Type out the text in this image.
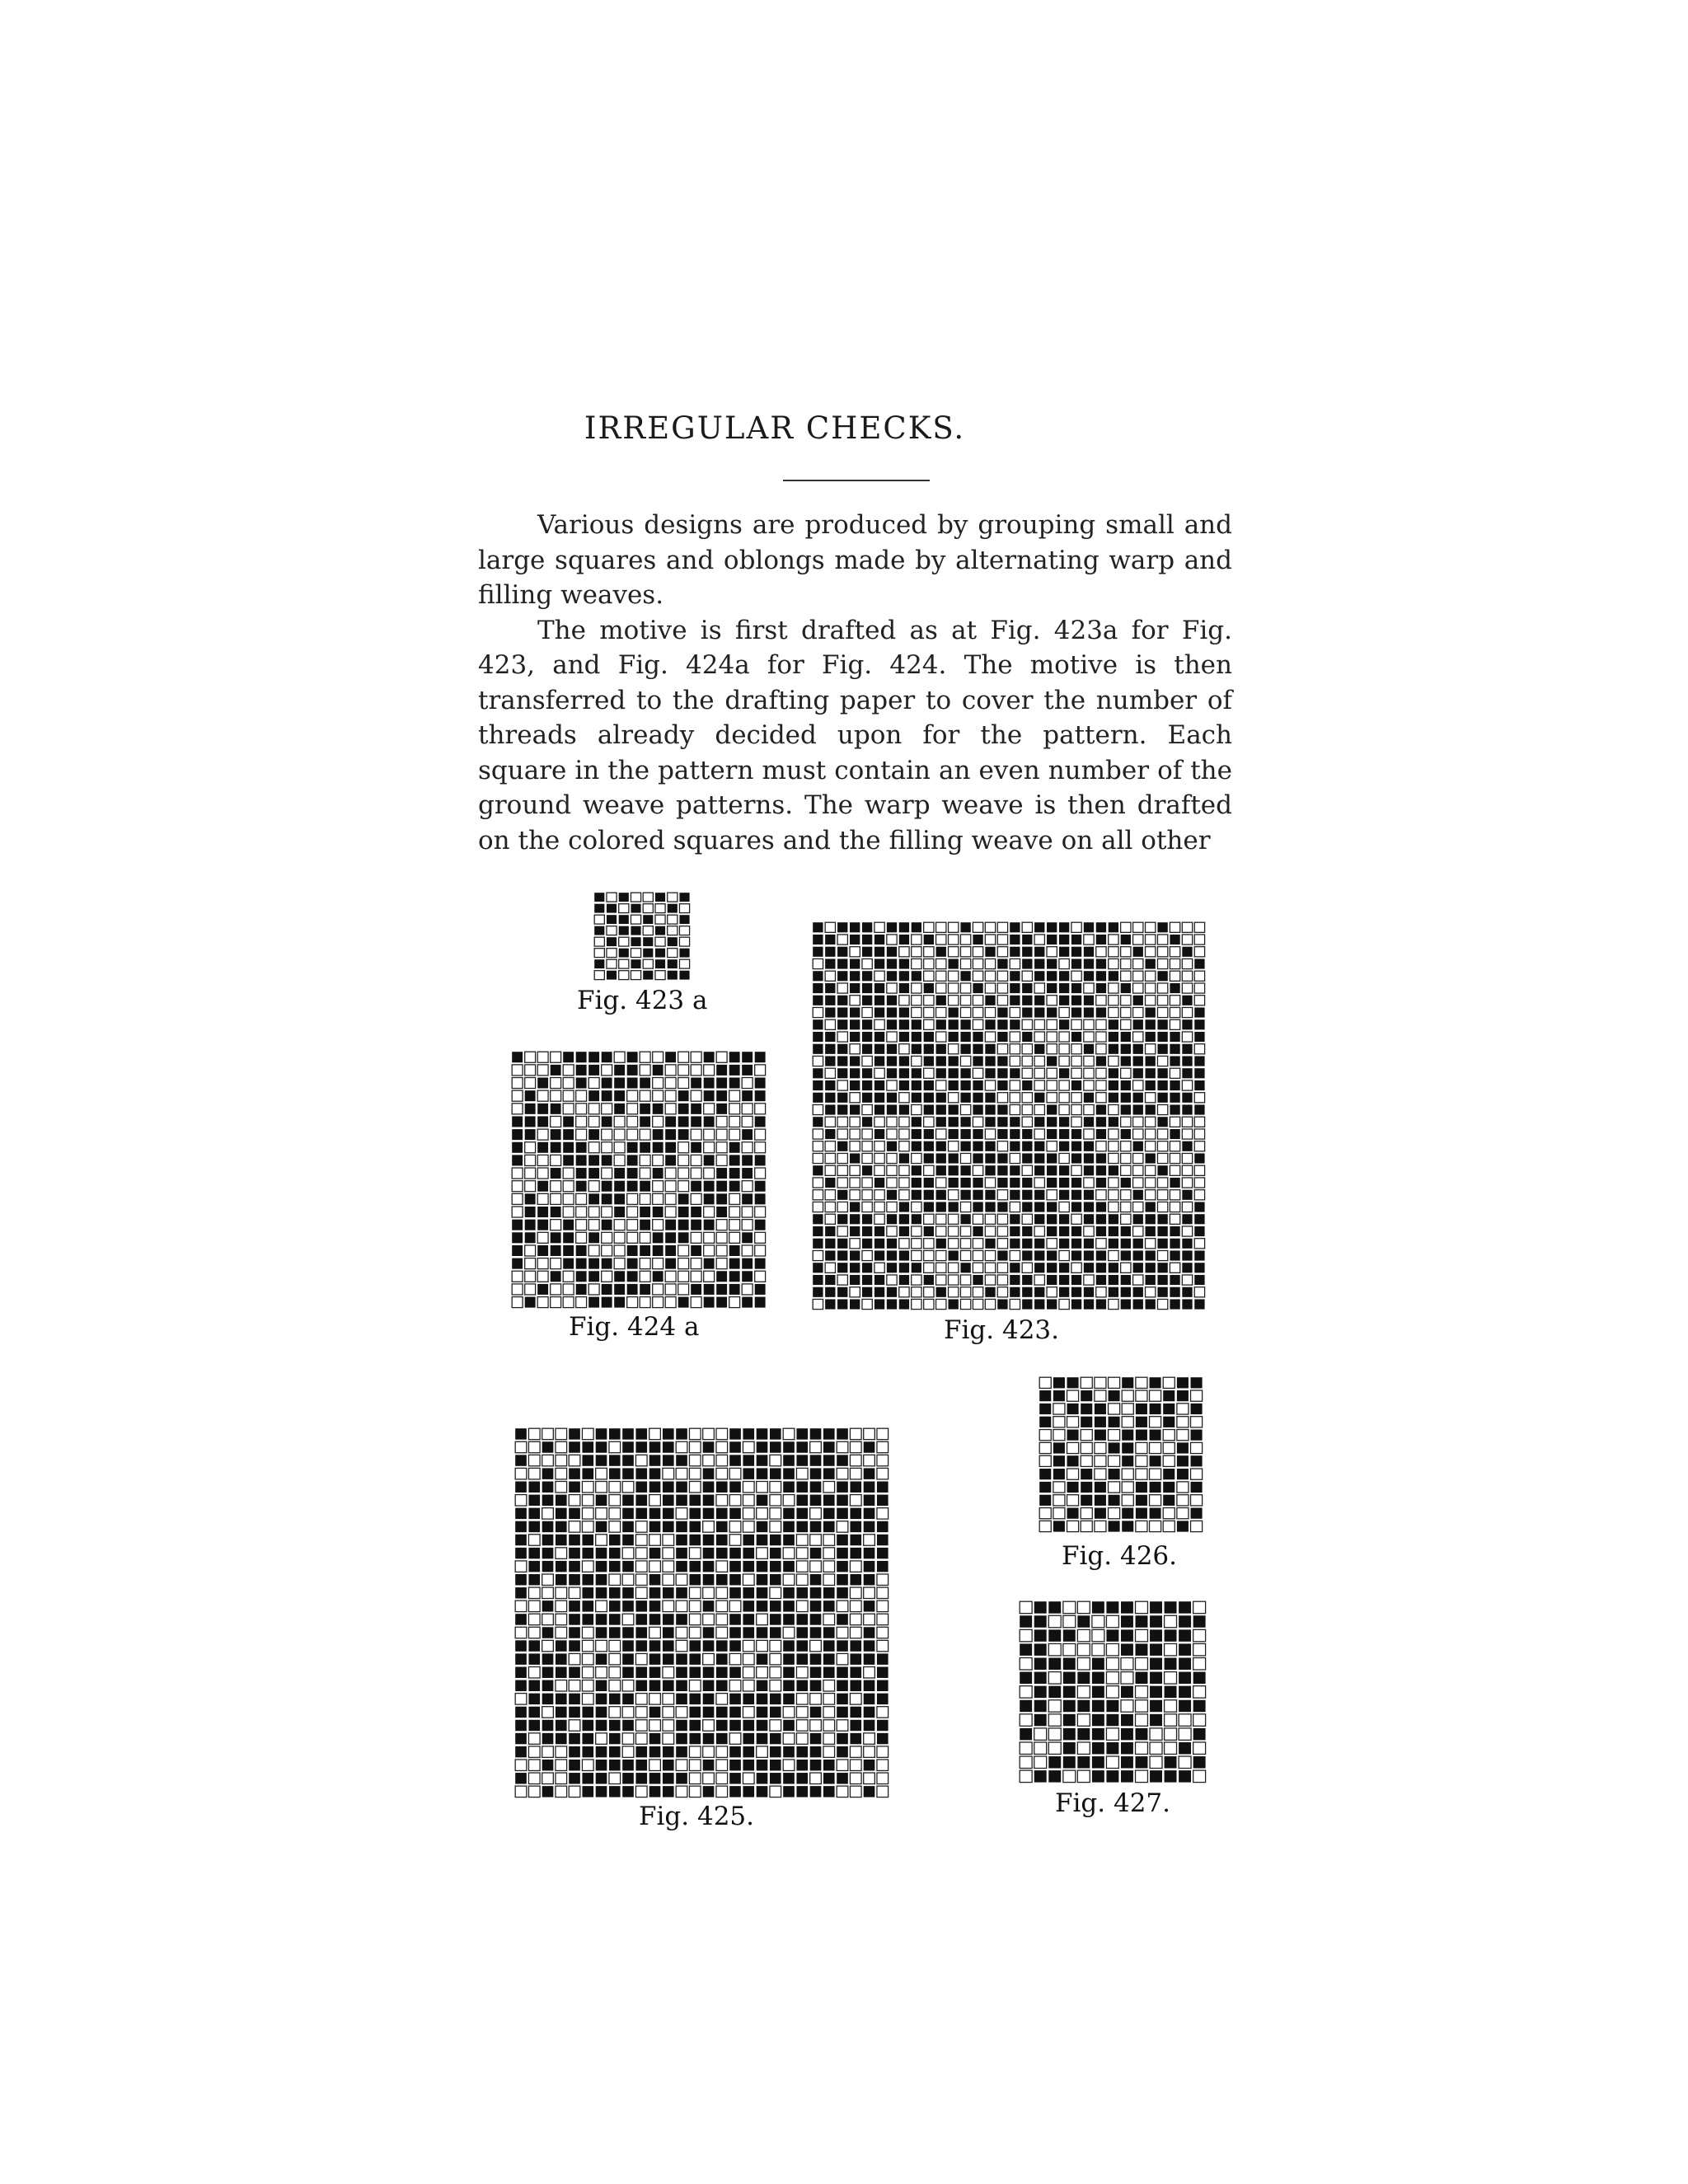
IRREGULAR CHECKS.

Various designs are produced by grouping small and large squares and oblongs made by alternating warp and filling weaves.

The motive is first drafted as at Fig. 423a for Fig. 423, and Fig. 424a for Fig. 424. The motive is then transferred to the drafting paper to cover the number of threads already decided upon for the pattern. Each square in the pattern must contain an even number of the ground weave patterns. The warp weave is then drafted on the colored squares and the filling weave on all other

Fig. 423 a
Fig. 424 a	Fig. 423.
Fig. 425.
Fig. 426.
Fig. 427.
